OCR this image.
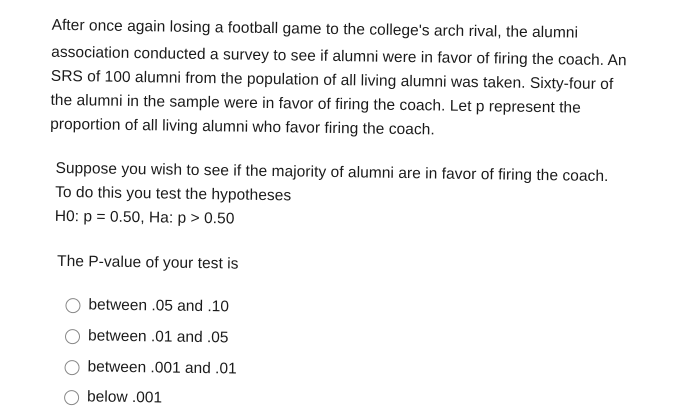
After once again losing a football game to the college's arch rival, the alumni
association conducted a survey to see if alumni were in favor of firing the coach. An
SRS of 100 alumni from the population of all living alumni was taken. Sixty-four of
the alumni in the sample were in favor of firing the coach. Let p represent the
proportion of all living alumni who favor firing the coach.
Suppose you wish to see if the majority of alumni are in favor of firing the coach.
To do this you test the hypotheses
H0: p = 0.50, Ha: p > 0.50
The P-value of your test is
between .05 and .10
between .01 and .05
between .001 and .01
below .001
